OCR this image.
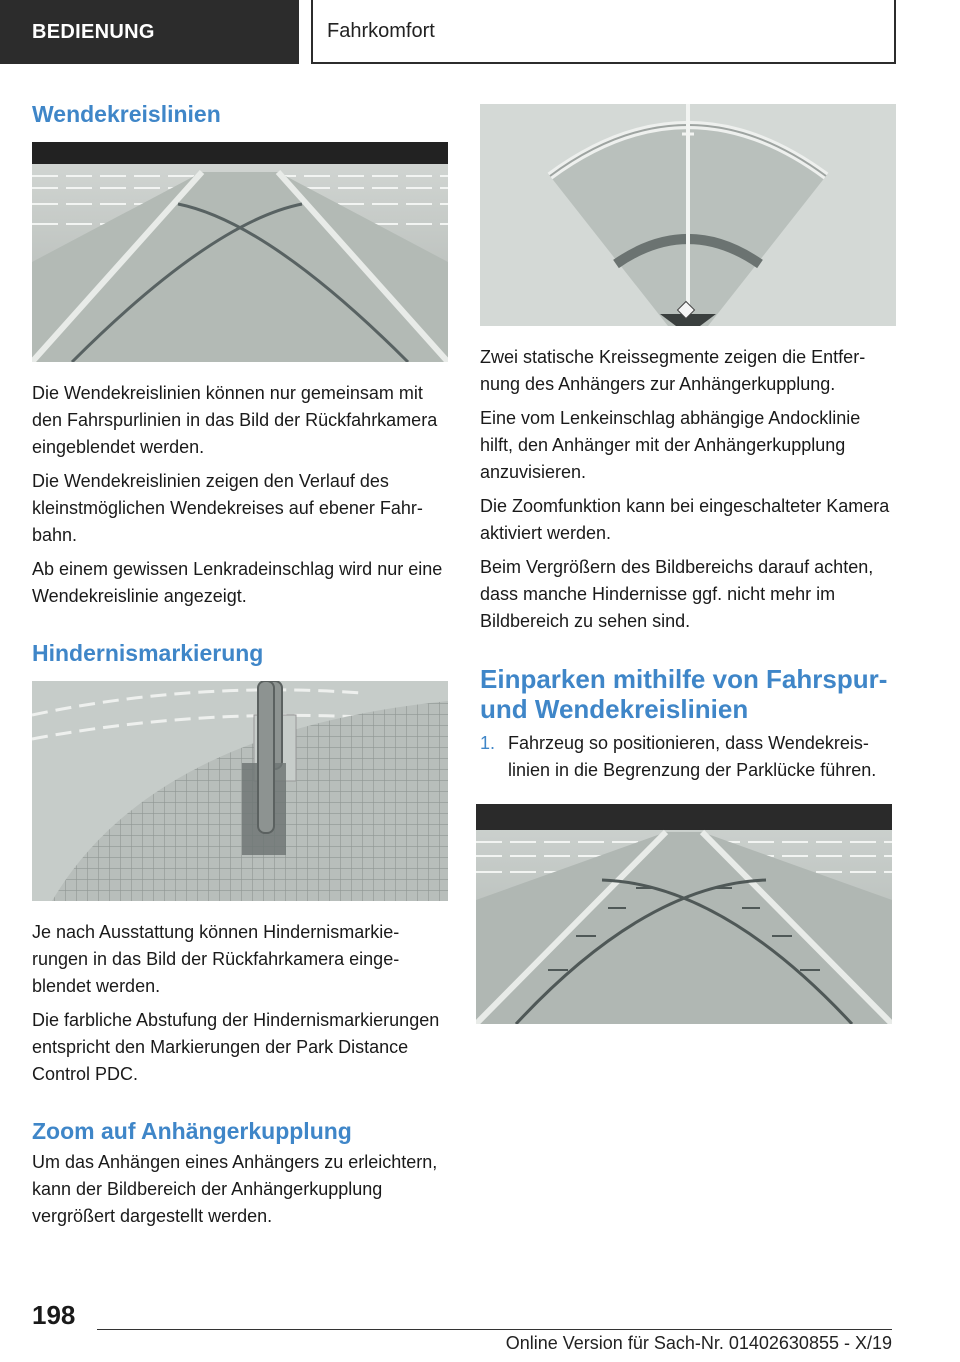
BEDIENUNG	Fahrkomfort
Wendekreislinien

Die Wendekreislinien können nur gemeinsam mit den Fahrspurlinien in das Bild der Rückfahrkamera eingeblendet werden.

Die Wendekreislinien zeigen den Verlauf des kleinstmöglichen Wendekreises auf ebener Fahrbahn.

Ab einem gewissen Lenkradeinschlag wird nur eine Wendekreislinie angezeigt.

Hindernismarkierung

Je nach Ausstattung können Hindernismarkierungen in das Bild der Rückfahrkamera eingeblendet werden.

Die farbliche Abstufung der Hindernismarkierungen entspricht den Markierungen der Park Distance Control PDC.

Zoom auf Anhängerkupplung

Um das Anhängen eines Anhängers zu erleichtern, kann der Bildbereich der Anhängerkupplung vergrößert dargestellt werden.

Zwei statische Kreissegmente zeigen die Entfernung des Anhängers zur Anhängerkupplung.

Eine vom Lenkeinschlag abhängige Andocklinie hilft, den Anhänger mit der Anhängerkupplung anzuvisieren.

Die Zoomfunktion kann bei eingeschalteter Kamera aktiviert werden.

Beim Vergrößern des Bildbereichs darauf achten, dass manche Hindernisse ggf. nicht mehr im Bildbereich zu sehen sind.

Einparken mithilfe von Fahrspur- und Wendekreislinien
1. Fahrzeug so positionieren, dass Wendekreislinien in die Begrenzung der Parklücke führen.
198
Online Version für Sach-Nr. 01402630855 - X/19
